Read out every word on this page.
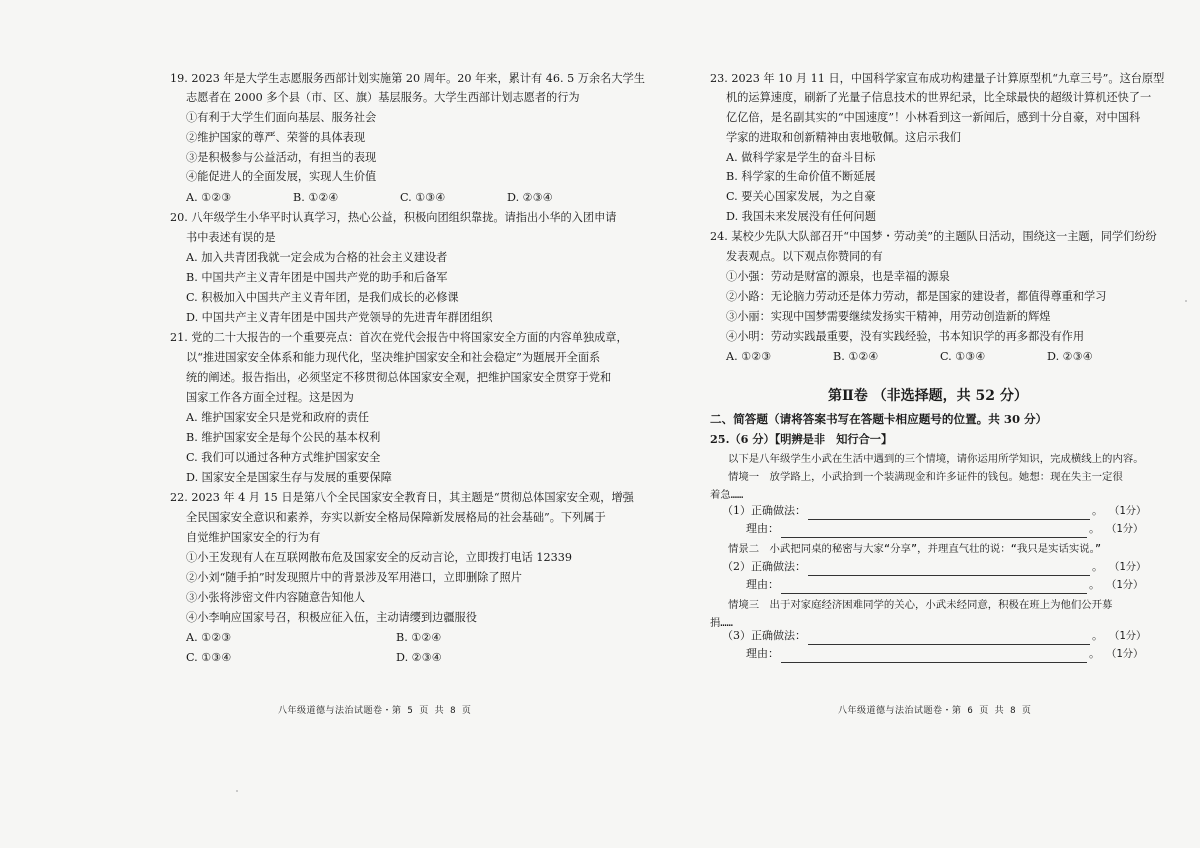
19. 2023 年是大学生志愿服务西部计划实施第 20 周年。20 年来，累计有 46. 5 万余名大学生
志愿者在 2000 多个县（市、区、旗）基层服务。大学生西部计划志愿者的行为
①有利于大学生们面向基层、服务社会
②维护国家的尊严、荣誉的具体表现
③是积极参与公益活动，有担当的表现
④能促进人的全面发展，实现人生价值
A. ①②③	B. ①②④	C. ①③④	D. ②③④
20. 八年级学生小华平时认真学习，热心公益，积极向团组织靠拢。请指出小华的入团申请
书中表述有误的是
A. 加入共青团我就一定会成为合格的社会主义建设者
B. 中国共产主义青年团是中国共产党的助手和后备军
C. 积极加入中国共产主义青年团，是我们成长的必修课
D. 中国共产主义青年团是中国共产党领导的先进青年群团组织
21. 党的二十大报告的一个重要亮点：首次在党代会报告中将国家安全方面的内容单独成章，
以“推进国家安全体系和能力现代化，坚决维护国家安全和社会稳定”为题展开全面系
统的阐述。报告指出，必须坚定不移贯彻总体国家安全观，把维护国家安全贯穿于党和
国家工作各方面全过程。这是因为
A. 维护国家安全只是党和政府的责任
B. 维护国家安全是每个公民的基本权利
C. 我们可以通过各种方式维护国家安全
D. 国家安全是国家生存与发展的重要保障
22. 2023 年 4 月 15 日是第八个全民国家安全教育日，其主题是“贯彻总体国家安全观，增强
全民国家安全意识和素养，夯实以新安全格局保障新发展格局的社会基础”。下列属于
自觉维护国家安全的行为有
①小王发现有人在互联网散布危及国家安全的反动言论，立即拨打电话 12339
②小刘“随手拍”时发现照片中的背景涉及军用港口，立即删除了照片
③小张将涉密文件内容随意告知他人
④小李响应国家号召，积极应征入伍，主动请缨到边疆服役
A. ①②③	B. ①②④
C. ①③④	D. ②③④
八年级道德与法治试题卷・第 5 页 共 8 页
23. 2023 年 10 月 11 日，中国科学家宣布成功构建量子计算原型机“九章三号”。这台原型
机的运算速度，刷新了光量子信息技术的世界纪录，比全球最快的超级计算机还快了一
亿亿倍，是名副其实的“中国速度”！小林看到这一新闻后，感到十分自豪，对中国科
学家的进取和创新精神由衷地敬佩。这启示我们
A. 做科学家是学生的奋斗目标
B. 科学家的生命价值不断延展
C. 要关心国家发展，为之自豪
D. 我国未来发展没有任何问题
24. 某校少先队大队部召开“中国梦・劳动美”的主题队日活动，围绕这一主题，同学们纷纷
发表观点。以下观点你赞同的有
①小强：劳动是财富的源泉，也是幸福的源泉
②小路：无论脑力劳动还是体力劳动，都是国家的建设者，都值得尊重和学习
③小丽：实现中国梦需要继续发扬实干精神，用劳动创造新的辉煌
④小明：劳动实践最重要，没有实践经验，书本知识学的再多都没有作用
A. ①②③	B. ①②④	C. ①③④	D. ②③④
第Ⅱ卷 （非选择题，共 52 分）
二、简答题（请将答案书写在答题卡相应题号的位置。共 30 分）
25.（6 分）【明辨是非　知行合一】
以下是八年级学生小武在生活中遇到的三个情境，请你运用所学知识，完成横线上的内容。
情境一　放学路上，小武拾到一个装满现金和许多证件的钱包。她想：现在失主一定很
着急……
（1）正确做法：	。 （1分）
理由：	。 （1分）
情景二　小武把同桌的秘密与大家“分享”，并理直气壮的说：“我只是实话实说。”
（2）正确做法：	。 （1分）
理由：	。 （1分）
情境三　出于对家庭经济困难同学的关心，小武未经同意，积极在班上为他们公开募
捐……
（3）正确做法：	。 （1分）
理由：	。 （1分）
八年级道德与法治试题卷・第 6 页 共 8 页
